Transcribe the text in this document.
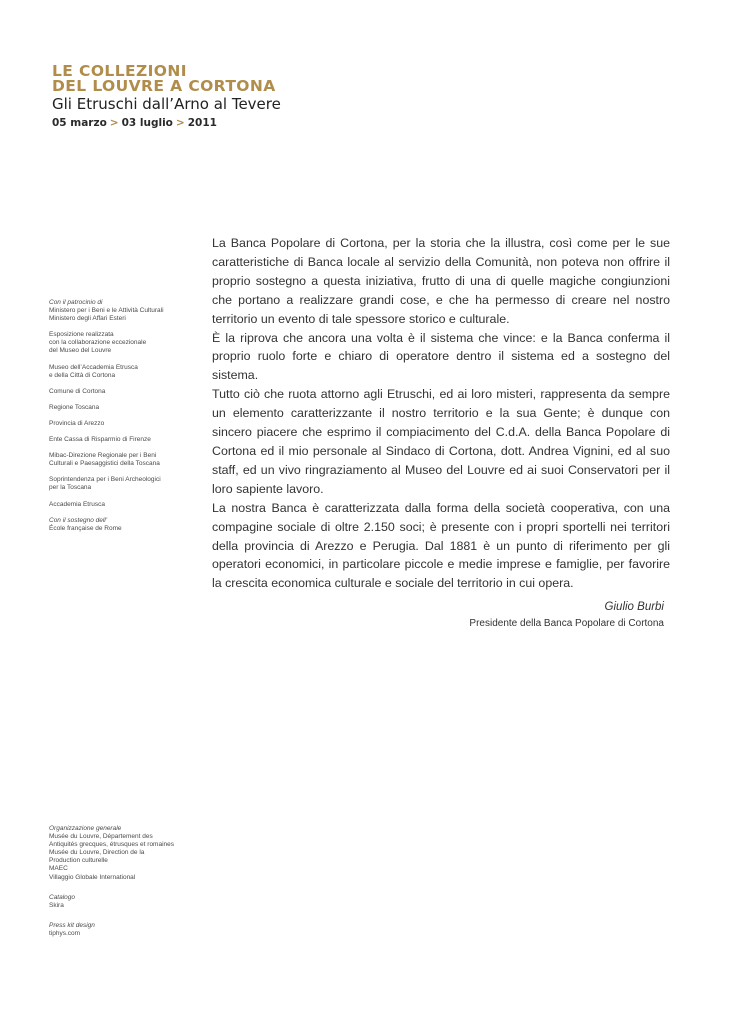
LE COLLEZIONI
DEL LOUVRE A CORTONA
Gli Etruschi dall’Arno al Tevere
05 marzo > 03 luglio > 2011
Con il patrocinio di
Ministero per i Beni e le Attività Culturali
Ministero degli Affari Esteri
Esposizione realizzata
con la collaborazione eccezionale
del Museo del Louvre
Museo dell’Accademia Etrusca
e della Città di Cortona
Comune di Cortona
Regione Toscana
Provincia di Arezzo
Ente Cassa di Risparmio di Firenze
Mibac-Direzione Regionale per i Beni
Culturali e Paesaggistici della Toscana
Soprintendenza per i Beni Archeologici
per la Toscana
Accademia Etrusca
Con il sostegno dell’
École française de Rome
Organizzazione generale
Musée du Louvre, Département des
Antiquités grecques, étrusques et romaines
Musée du Louvre, Direction de la
Production culturelle
MAEC
Villaggio Globale International
Catalogo
Skira
Press kit design
tiphys.com

La Banca Popolare di Cortona, per la storia che la illustra, così come per le sue caratteristiche di Banca locale al servizio della Comunità, non poteva non offrire il proprio sostegno a questa iniziativa, frutto di una di quelle magiche congiunzioni che portano a realizzare grandi cose, e che ha permesso di creare nel nostro territorio un evento di tale spessore storico e culturale.

È la riprova che ancora una volta è il sistema che vince: e la Banca conferma il proprio ruolo forte e chiaro di operatore dentro il sistema ed a sostegno del sistema.

Tutto ciò che ruota attorno agli Etruschi, ed ai loro misteri, rappresenta da sempre un elemento caratterizzante il nostro territorio e la sua Gente; è dunque con sincero piacere che esprimo il compiacimento del C.d.A. della Banca Popolare di Cortona ed il mio personale al Sindaco di Cortona, dott. Andrea Vignini, ed al suo staff, ed un vivo ringraziamento al Museo del Louvre ed ai suoi Conservatori per il loro sapiente lavoro.

La nostra Banca è caratterizzata dalla forma della società cooperativa, con una compagine sociale di oltre 2.150 soci; è presente con i propri sportelli nei territori della provincia di Arezzo e Perugia. Dal 1881 è un punto di riferimento per gli operatori economici, in particolare piccole e medie imprese e famiglie, per favorire la crescita economica culturale e sociale del territorio in cui opera.

Giulio Burbi
Presidente della Banca Popolare di Cortona
